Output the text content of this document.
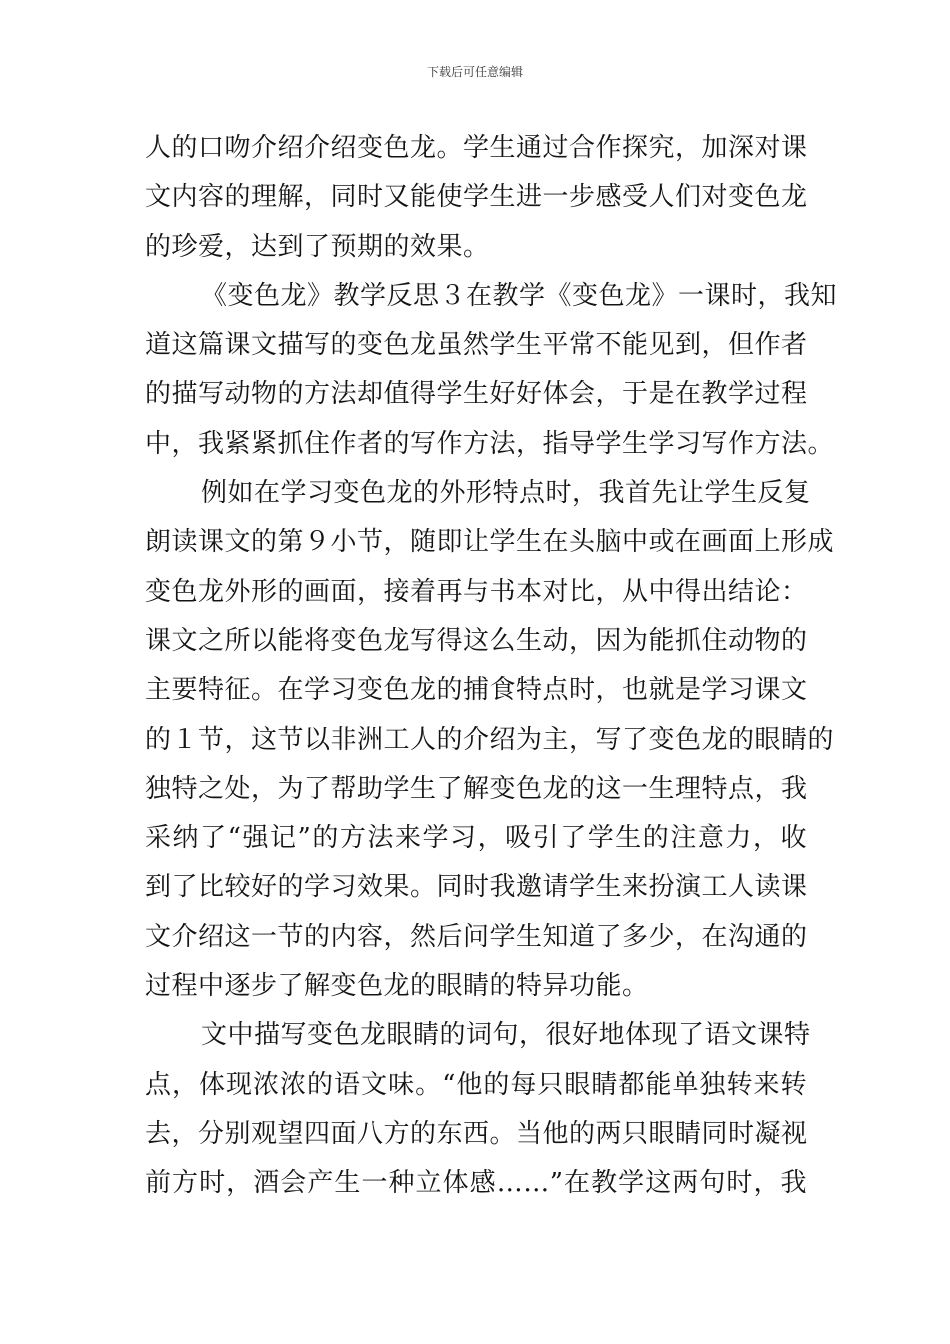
下载后可任意编辑
人的口吻介绍介绍变色龙。学生通过合作探究，加深对课
文内容的理解，同时又能使学生进一步感受人们对变色龙
的珍爱，达到了预期的效果。
《变色龙》教学反思３在教学《变色龙》一课时，我知
道这篇课文描写的变色龙虽然学生平常不能见到，但作者
的描写动物的方法却值得学生好好体会，于是在教学过程
中，我紧紧抓住作者的写作方法，指导学生学习写作方法。
例如在学习变色龙的外形特点时，我首先让学生反复
朗读课文的第９小节，随即让学生在头脑中或在画面上形成
变色龙外形的画面，接着再与书本对比，从中得出结论：
课文之所以能将变色龙写得这么生动，因为能抓住动物的
主要特征。在学习变色龙的捕食特点时，也就是学习课文
的１节，这节以非洲工人的介绍为主，写了变色龙的眼睛的
独特之处，为了帮助学生了解变色龙的这一生理特点，我
采纳了“强记”的方法来学习，吸引了学生的注意力，收
到了比较好的学习效果。同时我邀请学生来扮演工人读课
文介绍这一节的内容，然后问学生知道了多少，在沟通的
过程中逐步了解变色龙的眼睛的特异功能。
文中描写变色龙眼睛的词句，很好地体现了语文课特
点，体现浓浓的语文味。“他的每只眼睛都能单独转来转
去，分别观望四面八方的东西。当他的两只眼睛同时凝视
前方时，酒会产生一种立体感……”在教学这两句时，我
